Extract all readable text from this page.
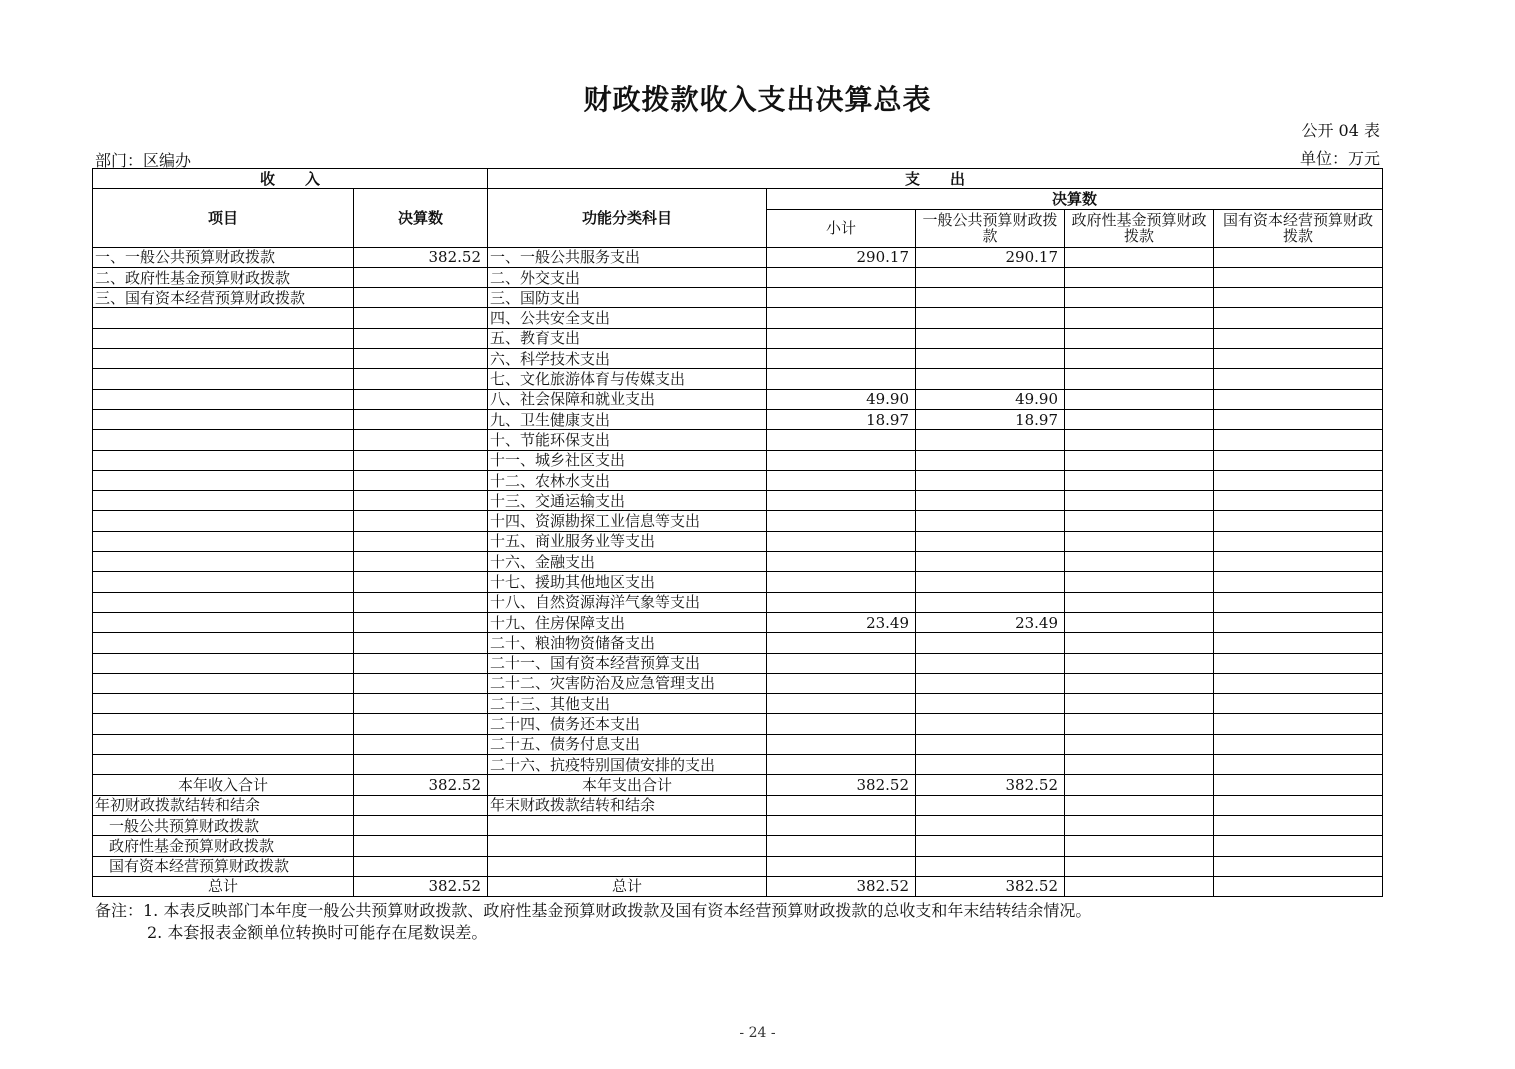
财政拨款收入支出决算总表
公开 04 表
部门：区编办	单位：万元
收　　入		支　　出				
项目	决算数	功能分类科目	决算数			
			小计	一般公共预算财政拨款	政府性基金预算财政拨款	国有资本经营预算财政拨款
一、一般公共预算财政拨款	382.52	一、一般公共服务支出	290.17	290.17		
二、政府性基金预算财政拨款		二、外交支出				
三、国有资本经营预算财政拨款		三、国防支出				
		四、公共安全支出				
		五、教育支出				
		六、科学技术支出				
		七、文化旅游体育与传媒支出				
		八、社会保障和就业支出	49.90	49.90		
		九、卫生健康支出	18.97	18.97		
		十、节能环保支出				
		十一、城乡社区支出				
		十二、农林水支出				
		十三、交通运输支出				
		十四、资源勘探工业信息等支出				
		十五、商业服务业等支出				
		十六、金融支出				
		十七、援助其他地区支出				
		十八、自然资源海洋气象等支出				
		十九、住房保障支出	23.49	23.49		
		二十、粮油物资储备支出				
		二十一、国有资本经营预算支出				
		二十二、灾害防治及应急管理支出				
		二十三、其他支出				
		二十四、债务还本支出				
		二十五、债务付息支出				
		二十六、抗疫特别国债安排的支出				
本年收入合计	382.52	本年支出合计	382.52	382.52		
年初财政拨款结转和结余		年末财政拨款结转和结余				
一般公共预算财政拨款						
政府性基金预算财政拨款						
国有资本经营预算财政拨款						
总计	382.52	总计	382.52	382.52		
备注：1. 本表反映部门本年度一般公共预算财政拨款、政府性基金预算财政拨款及国有资本经营预算财政拨款的总收支和年末结转结余情况。
2. 本套报表金额单位转换时可能存在尾数误差。
- 24 -
